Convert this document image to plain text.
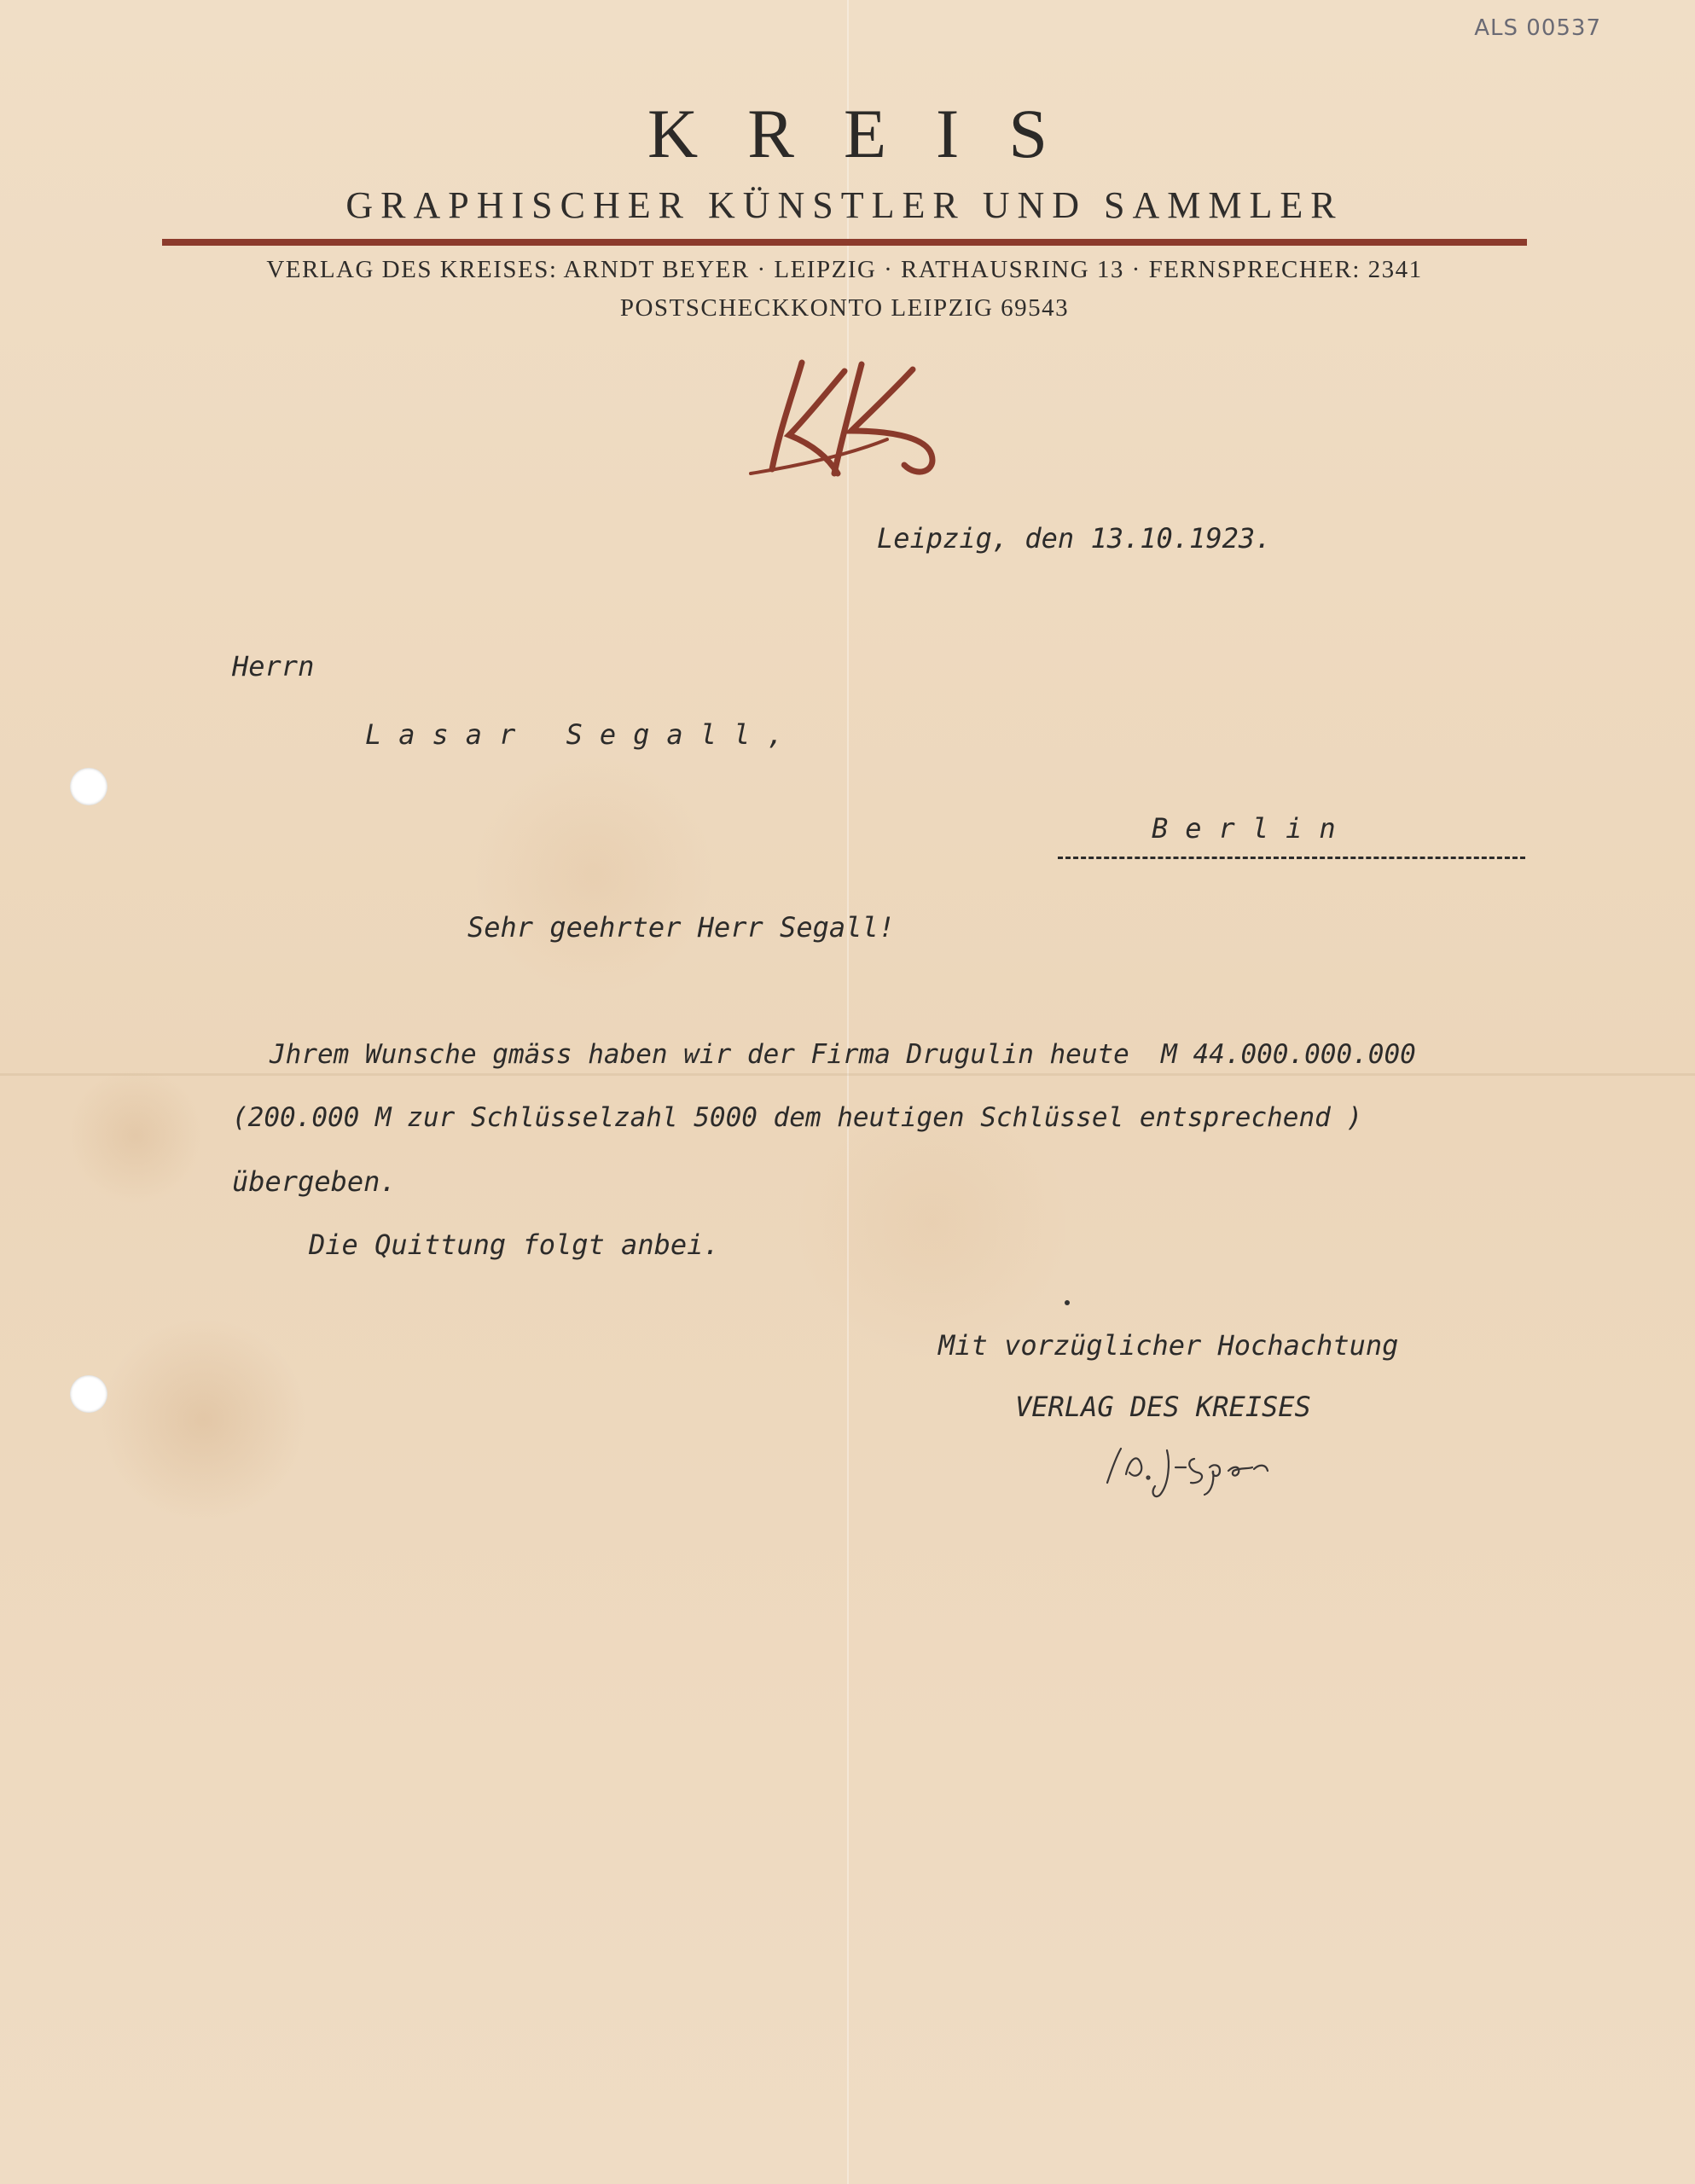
ALS 00537
KREIS
GRAPHISCHER KÜNSTLER UND SAMMLER
VERLAG DES KREISES: ARNDT BEYER · LEIPZIG · RATHAUSRING 13 · FERNSPRECHER: 2341
POSTSCHECKKONTO LEIPZIG 69543
Leipzig, den 13.10.1923.
Herrn
Lasar Segall,
Berlin
Sehr geehrter Herr Segall!
Jhrem Wunsche gmäss haben wir der Firma Drugulin heute  M 44.000.000.000
(200.000 M zur Schlüsselzahl 5000 dem heutigen Schlüssel entsprechend )
übergeben.
Die Quittung folgt anbei.
Mit vorzüglicher Hochachtung
VERLAG DES KREISES
